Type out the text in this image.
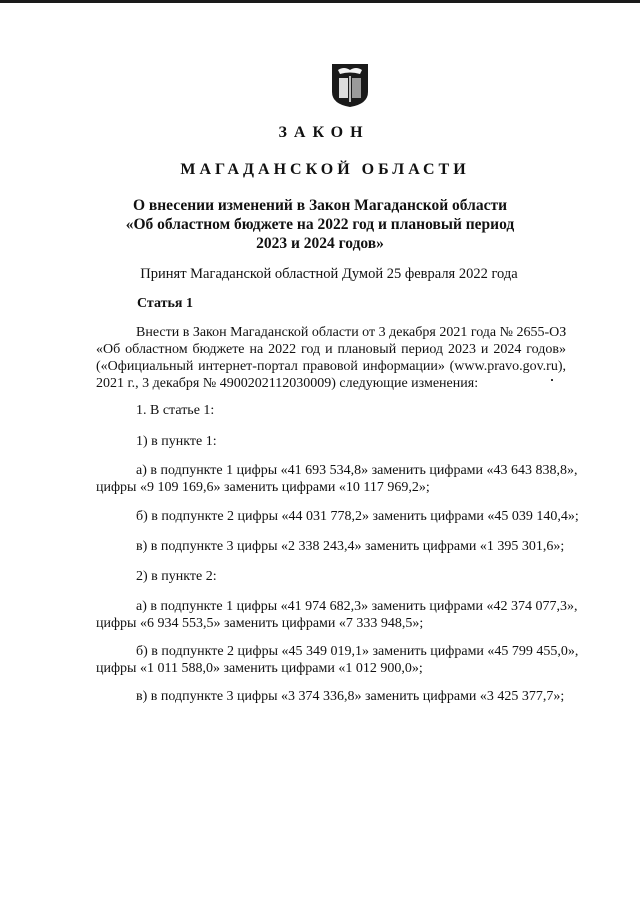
ЗАКОН
МАГАДАНСКОЙ ОБЛАСТИ
О внесении изменений в Закон Магаданской области
«Об областном бюджете на 2022 год и плановый период
2023 и 2024 годов»
Принят Магаданской областной Думой 25 февраля 2022 года
Статья 1
Внести в Закон Магаданской области от 3 декабря 2021 года № 2655-ОЗ
«Об областном бюджете на 2022 год и плановый период 2023 и 2024 годов»
(«Официальный интернет-портал правовой информации» (www.pravo.gov.ru),
2021 г., 3 декабря № 4900202112030009) следующие изменения:
1. В статье 1:
1) в пункте 1:
а) в подпункте 1 цифры «41 693 534,8» заменить цифрами «43 643 838,8»,
цифры «9 109 169,6» заменить цифрами «10 117 969,2»;
б) в подпункте 2 цифры «44 031 778,2» заменить цифрами «45 039 140,4»;
в) в подпункте 3 цифры «2 338 243,4» заменить цифрами «1 395 301,6»;
2) в пункте 2:
а) в подпункте 1 цифры «41 974 682,3» заменить цифрами «42 374 077,3»,
цифры «6 934 553,5» заменить цифрами «7 333 948,5»;
б) в подпункте 2 цифры «45 349 019,1» заменить цифрами «45 799 455,0»,
цифры «1 011 588,0» заменить цифрами «1 012 900,0»;
в) в подпункте 3 цифры «3 374 336,8» заменить цифрами «3 425 377,7»;
